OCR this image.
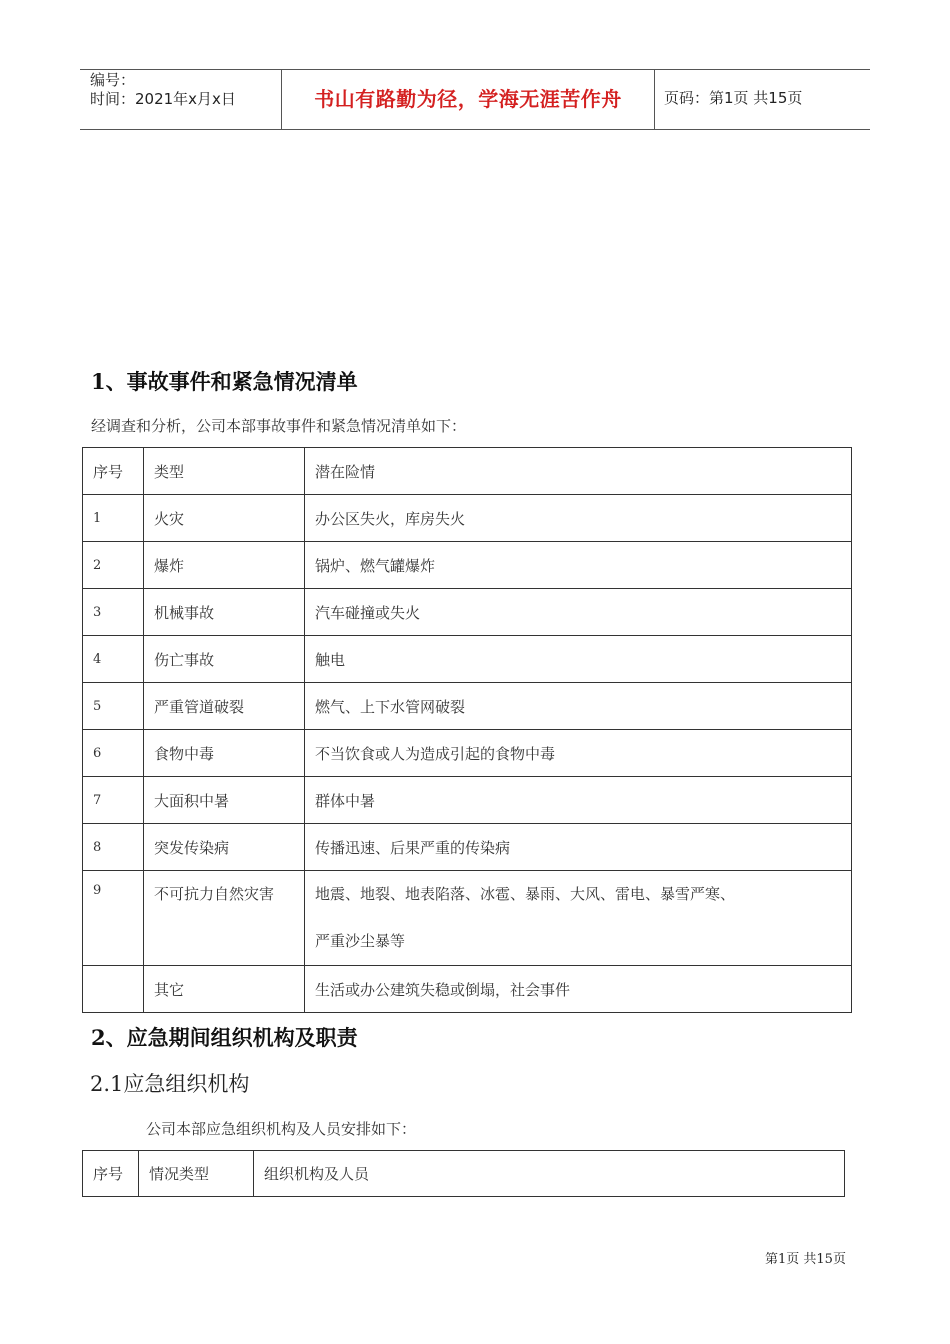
编号：
时间：2021年x月x日	书山有路勤为径，学海无涯苦作舟	页码：第1页 共15页
1、事故事件和紧急情况清单
经调查和分析，公司本部事故事件和紧急情况清单如下：
序号	类型	潜在险情
1	火灾	办公区失火，库房失火
2	爆炸	锅炉、燃气罐爆炸
3	机械事故	汽车碰撞或失火
4	伤亡事故	触电
5	严重管道破裂	燃气、上下水管网破裂
6	食物中毒	不当饮食或人为造成引起的食物中毒
7	大面积中暑	群体中暑
8	突发传染病	传播迅速、后果严重的传染病
9	不可抗力自然灾害	地震、地裂、地表陷落、冰雹、暴雨、大风、雷电、暴雪严寒、
严重沙尘暴等

	其它	生活或办公建筑失稳或倒塌，社会事件
2、应急期间组织机构及职责
2.1应急组织机构
公司本部应急组织机构及人员安排如下：
序号	情况类型	组织机构及人员
第1页 共15页
